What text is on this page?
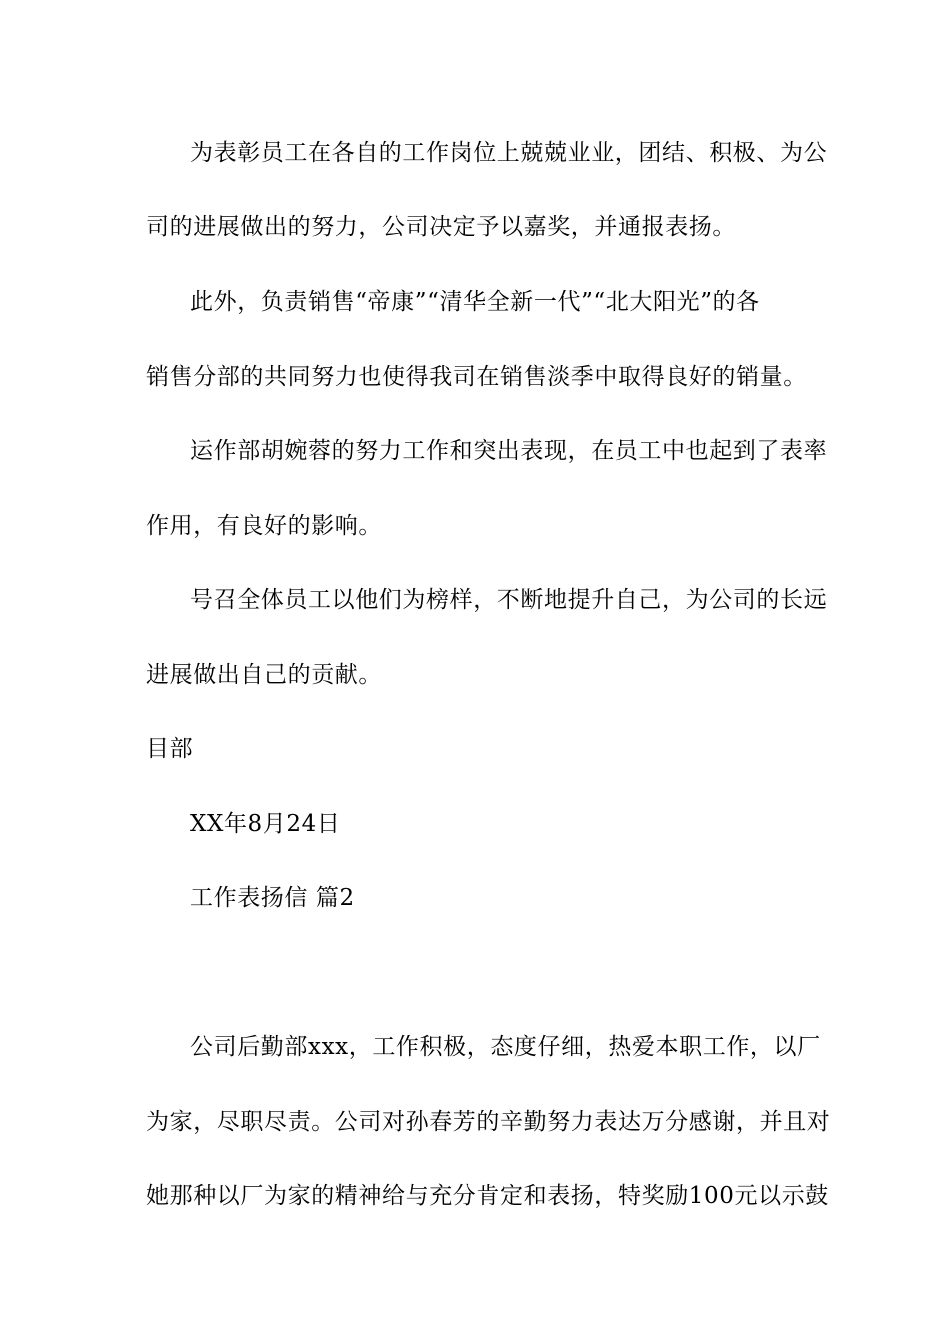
为表彰员工在各自的工作岗位上兢兢业业，团结、积极、为公
司的进展做出的努力，公司决定予以嘉奖，并通报表扬。
此外，负责销售“帝康”“清华全新一代”“北大阳光”的各
销售分部的共同努力也使得我司在销售淡季中取得良好的销量。
运作部胡婉蓉的努力工作和突出表现，在员工中也起到了表率
作用，有良好的影响。
号召全体员工以他们为榜样，不断地提升自己，为公司的长远
进展做出自己的贡献。
目部
XX年8月24日
工作表扬信 篇2
公司后勤部xxx，工作积极，态度仔细，热爱本职工作，以厂
为家，尽职尽责。公司对孙春芳的辛勤努力表达万分感谢，并且对
她那种以厂为家的精神给与充分肯定和表扬，特奖励100元以示鼓
